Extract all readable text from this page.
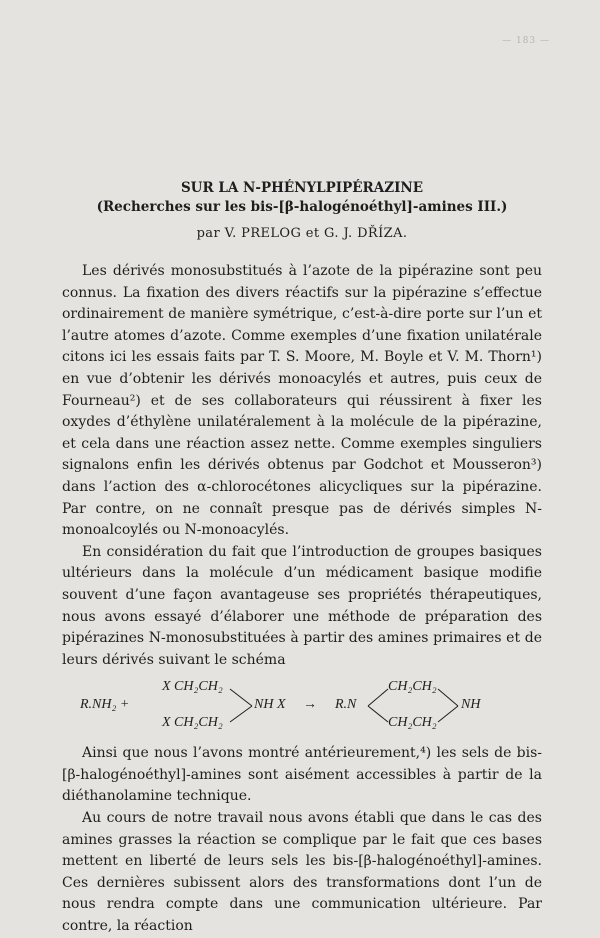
— 183 —

SUR LA N-PHÉNYLPIPÉRAZINE

(Recherches sur les bis-[β-halogénoéthyl]-amines III.)

par V. PRELOG et G. J. DŘÍZA.

Les dérivés monosubstitués à l’azote de la pipérazine sont peu connus. La fixation des divers réactifs sur la pipérazine s’effectue ordinairement de manière symétrique, c’est-à-dire porte sur l’un et l’autre atomes d’azote. Comme exemples d’une fixation unilatérale citons ici les essais faits par T. S. Moore, M. Boyle et V. M. Thorn¹) en vue d’obtenir les dérivés monoacylés et autres, puis ceux de Fourneau²) et de ses collaborateurs qui réussirent à fixer les oxydes d’éthylène unilatéralement à la molécule de la pipérazine, et cela dans une réaction assez nette. Comme exemples singuliers signalons enfin les dérivés obtenus par Godchot et Mousseron³) dans l’action des α-chlorocétones alicycliques sur la pipérazine. Par contre, on ne connaît presque pas de dérivés simples N-monoalcoylés ou N-monoacylés.

En considération du fait que l’introduction de groupes basiques ultérieurs dans la molécule d’un médicament basique modifie souvent d’une façon avantageuse ses propriétés thérapeutiques, nous avons essayé d’élaborer une méthode de préparation des pipérazines N-monosubstituées à partir des amines primaires et de leurs dérivés suivant le schéma

R.NH₂ +
X CH₂CH₂
X CH₂CH₂
NH X → R.N
CH₂CH₂
CH₂CH₂
NH

Ainsi que nous l’avons montré antérieurement,⁴) les sels de bis-[β-halogénoéthyl]-amines sont aisément accessibles à partir de la diéthanolamine technique.

Au cours de notre travail nous avons établi que dans le cas des amines grasses la réaction se complique par le fait que ces bases mettent en liberté de leurs sels les bis-[β-halogénoéthyl]-amines. Ces dernières subissent alors des transformations dont l’un de nous rendra compte dans une communication ultérieure. Par contre, la réaction
